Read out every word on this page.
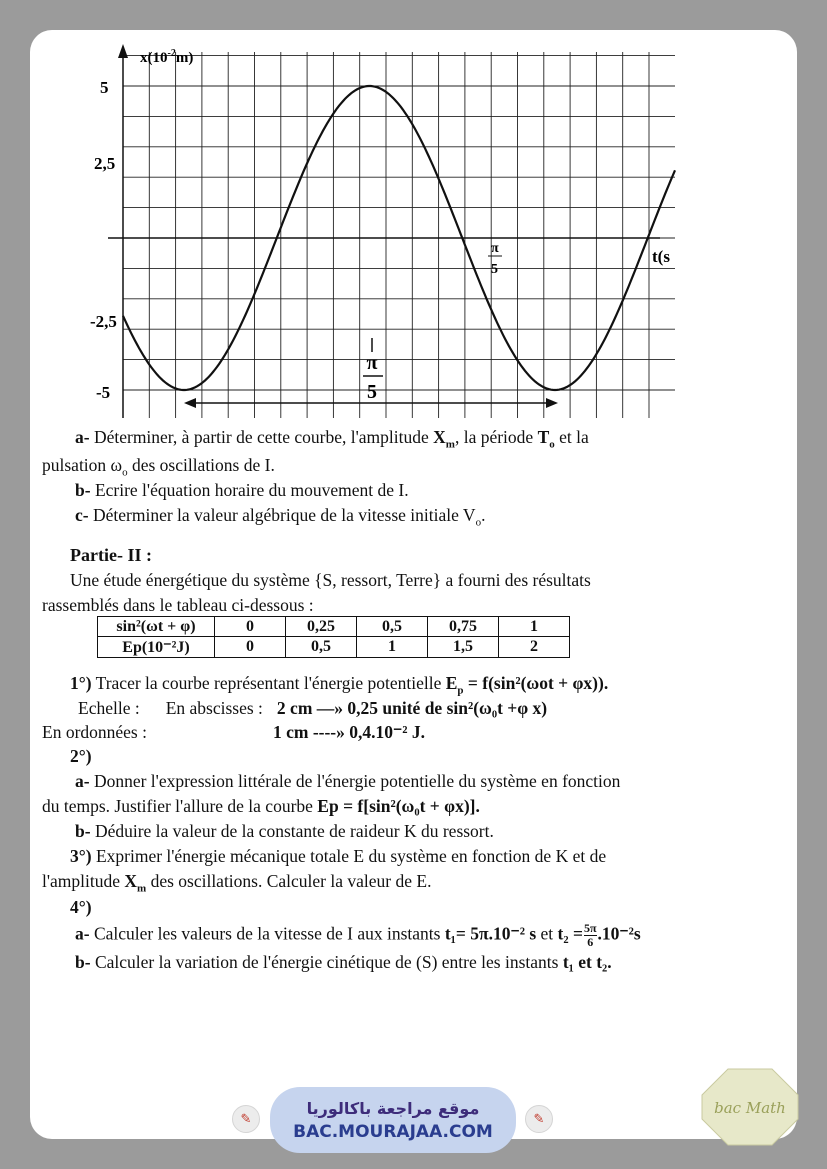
$x(10^{-2}m)$
t(s
5
2,5
-2,5
-5
π
5
π
5
a- Déterminer, à partir de cette courbe, l'amplitude $X_m$, la période $T_o$ et la
pulsation $\omega_o$ des oscillations de I.
b- Ecrire l'équation horaire du mouvement de I.
c- Déterminer la valeur algébrique de la vitesse initiale $V_o$.
Partie- II :
Une étude énergétique du système {S, ressort, Terre} a fourni des résultats
rassemblés dans le tableau ci-dessous :
sin²(ωt + φ)	0	0,25	0,5	0,75	1
Ep(10⁻²J)	0	0,5	1	1,5	2
1°) Tracer la courbe représentant l'énergie potentielle $E_p = f(\sin^2(\omega ot + \varphi x))$.
Echelle : En abscisses : 2 cm —» 0,25 unité de sin²(ω₀t +φ x)
En ordonnées :	1 cm ----» 0,4.10⁻² J.
2°)
a- Donner l'expression littérale de l'énergie potentielle du système en fonction
du temps. Justifier l'allure de la courbe Ep = f[sin²(ω₀t + φx)].
b- Déduire la valeur de la constante de raideur K du ressort.
3°) Exprimer l'énergie mécanique totale E du système en fonction de K et de
l'amplitude $X_m$ des oscillations. Calculer la valeur de E.
4°)
a- Calculer les valeurs de la vitesse de I aux instants t₁= 5π.10⁻² s et $t_2 = \frac{5\pi}{6} .10^{-2}s$
b- Calculer la variation de l'énergie cinétique de (S) entre les instants t₁ et t₂.
✎
موقع مراجعة باكالوريا
BAC.MOURAJAA.COM
✎
bac Math
